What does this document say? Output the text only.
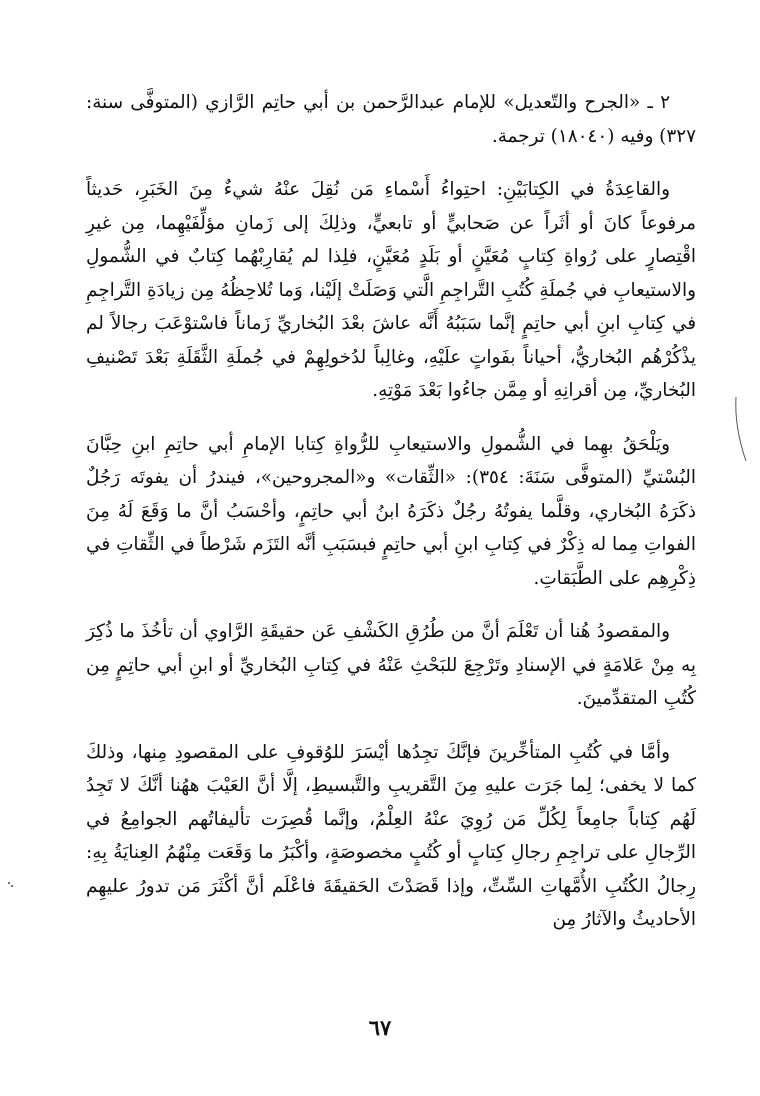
٢ ـ «الجرح والتّعديل» للإمام عبدالرَّحمن بن أبي حاتِم الرَّازي (المتوفَّى سنة: ٣٢٧) وفيه (١٨٠٤٠) ترجمة.

والقاعِدَةُ في الكِتابَيْنِ: احتِواءُ أَسْماءِ مَن نُقِلَ عنْهُ شيءٌ مِنَ الخَبَرِ، حَديثاً مرفوعاً كانَ أو أثَراً عن صَحابيٍّ أو تابعيٍّ، وذلِكَ إلى زَمانِ مؤلِّفَيْهِما، مِن غيرِ اقْتِصارٍ على رُواةِ كِتابٍ مُعَيَّنٍ أو بَلَدٍ مُعَيَّنٍ، فلِذا لم يُقارِبْهُما كِتابٌ في الشُّمولِ والاستيعابِ في جُملَةِ كُتُبِ التَّراجِمِ الَّتي وَصَلَتْ إلَيْنا، وَما تُلاحِظُهُ مِن زيادَةِ التَّراجِمِ في كِتابِ ابنِ أبي حاتِمٍ إنَّما سَبَبُهُ أَنَّه عاشَ بعْدَ البُخاريِّ زَماناً فاسْتوْعَبَ رجالاً لم يذْكُرْهُم البُخاريُّ، أحياناً بفَواتٍ علَيْهِ، وغالِباً لدُخولِهِمْ في جُملَةِ الثَّقَلَةِ بَعْدَ تَصْنيفِ البُخاريِّ، مِن أقرانِهِ أو مِمَّن جاءُوا بَعْدَ مَوْتِهِ.

ويَلْحَقُ بهِما في الشُّمولِ والاستيعابِ للرُّواةِ كِتابا الإمامِ أبي حاتِمِ ابنِ حِبَّانَ البُسْتيِّ (المتوفَّى سَنَةَ: ٣٥٤): «الثِّقات» و«المجروحين»، فيندرُ أن يفوتَه رَجُلٌ ذكَرَهُ البُخاري، وقلَّما يفوتُهُ رجُلٌ ذكَرَهُ ابنُ أبي حاتِمٍ، وأحْسَبُ أنَّ ما وَقَعَ لَهُ مِنَ الفواتِ مِما له ذِكْرٌ في كِتابِ ابنِ أبي حاتِمٍ فبسَبَبِ أنَّه التَزَم شَرْطاً في الثِّقاتِ في ذِكْرِهِم على الطَّبَقاتِ.

والمقصودُ هُنا أن تَعْلَمَ أنَّ من طُرُقِ الكَشْفِ عَن حقيقَةِ الرَّاوي أن تأخُذَ ما ذُكِرَ بِه مِنْ عَلامَةٍ في الإسنادِ وتَرْجِعَ للبَحْثِ عَنْهُ في كِتابِ البُخاريِّ أو ابنِ أبي حاتِمٍ مِن كُتُبِ المتقدِّمينَ.

وأمَّا في كُتُبِ المتأخِّرينَ فإنَّكَ تجِدُها أيْسَرَ للوُقوفِ على المقصودِ مِنها، وذلكَ كما لا يخفى؛ لِما جَرَت عليهِ مِنَ التَّقريبِ والتَّبسيطِ، إلَّا أنَّ العَيْبَ ههُنا أنَّكَ لا تَجِدُ لَهُم كِتاباً جامِعاً لِكُلِّ مَن رُوِيَ عنْهُ العِلْمُ، وإنَّما قُصِرَت تأليفاتُهم الجوامِعُ في الرِّجالِ على تراجِمِ رجالِ كِتابٍ أو كُتُبٍ مخصوصَةٍ، وأكْبَرُ ما وَقَعَت مِنْهُمُ العِنايَةُ بِهِ: رِجالُ الكُتُبِ الأُمَّهاتِ السِّتِّ، وإذا قَصَدْتَ الحَقيقَةَ فاعْلَم أنَّ أكْثَرَ مَن تدورُ عليهِم الأحاديثُ والآثارُ مِن

٦٧
